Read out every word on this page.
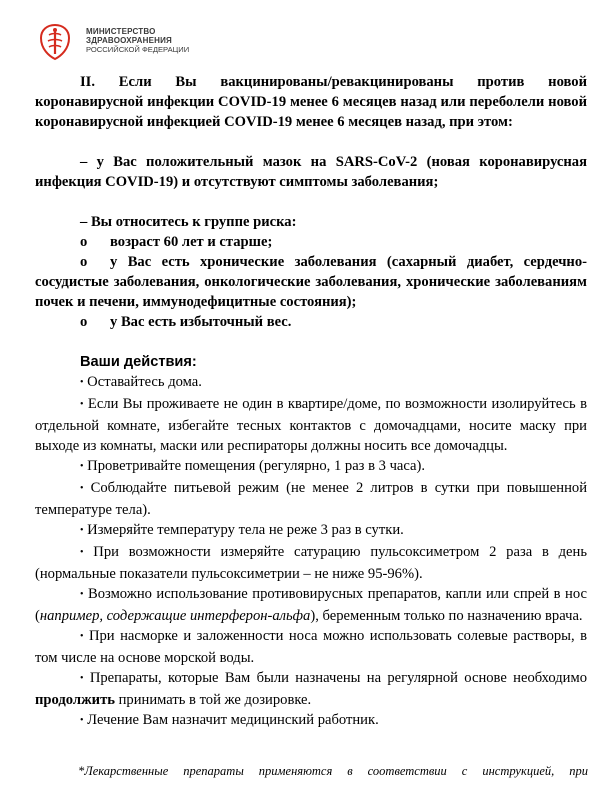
МИНИСТЕРСТВО
ЗДРАВООХРАНЕНИЯ
РОССИЙСКОЙ ФЕДЕРАЦИИ

II. Если Вы вакцинированы/ревакцинированы против новой коронавирусной инфекции COVID-19 менее 6 месяцев назад или переболели новой коронавирусной инфекцией COVID-19 менее 6 месяцев назад, при этом:

– у Вас положительный мазок на SARS-CoV-2 (новая коронавирусная инфекция COVID-19) и отсутствуют симптомы заболевания;

– Вы относитесь к группе риска:

o возраст 60 лет и старше;

o у Вас есть хронические заболевания (сахарный диабет, сердечно-сосудистые заболевания, онкологические заболевания, хронические заболеваниям почек и печени, иммунодефицитные состояния);

o у Вас есть избыточный вес.

Ваши действия:

• Оставайтесь дома.

• Если Вы проживаете не один в квартире/доме, по возможности изолируйтесь в отдельной комнате, избегайте тесных контактов с домочадцами, носите маску при выходе из комнаты, маски или респираторы должны носить все домочадцы.

• Проветривайте помещения (регулярно, 1 раз в 3 часа).

• Соблюдайте питьевой режим (не менее 2 литров в сутки при повышенной температуре тела).

• Измеряйте температуру тела не реже 3 раз в сутки.

• При возможности измеряйте сатурацию пульсоксиметром 2 раза в день (нормальные показатели пульсоксиметрии – не ниже 95-96%).

• Возможно использование противовирусных препаратов, капли или спрей в нос (например, содержащие интерферон-альфа), беременным только по назначению врача.

• При насморке и заложенности носа можно использовать солевые растворы, в том числе на основе морской воды.

• Препараты, которые Вам были назначены на регулярной основе необходимо продолжить принимать в той же дозировке.

• Лечение Вам назначит медицинский работник.

*Лекарственные препараты применяются в соответствии с инструкцией, при
